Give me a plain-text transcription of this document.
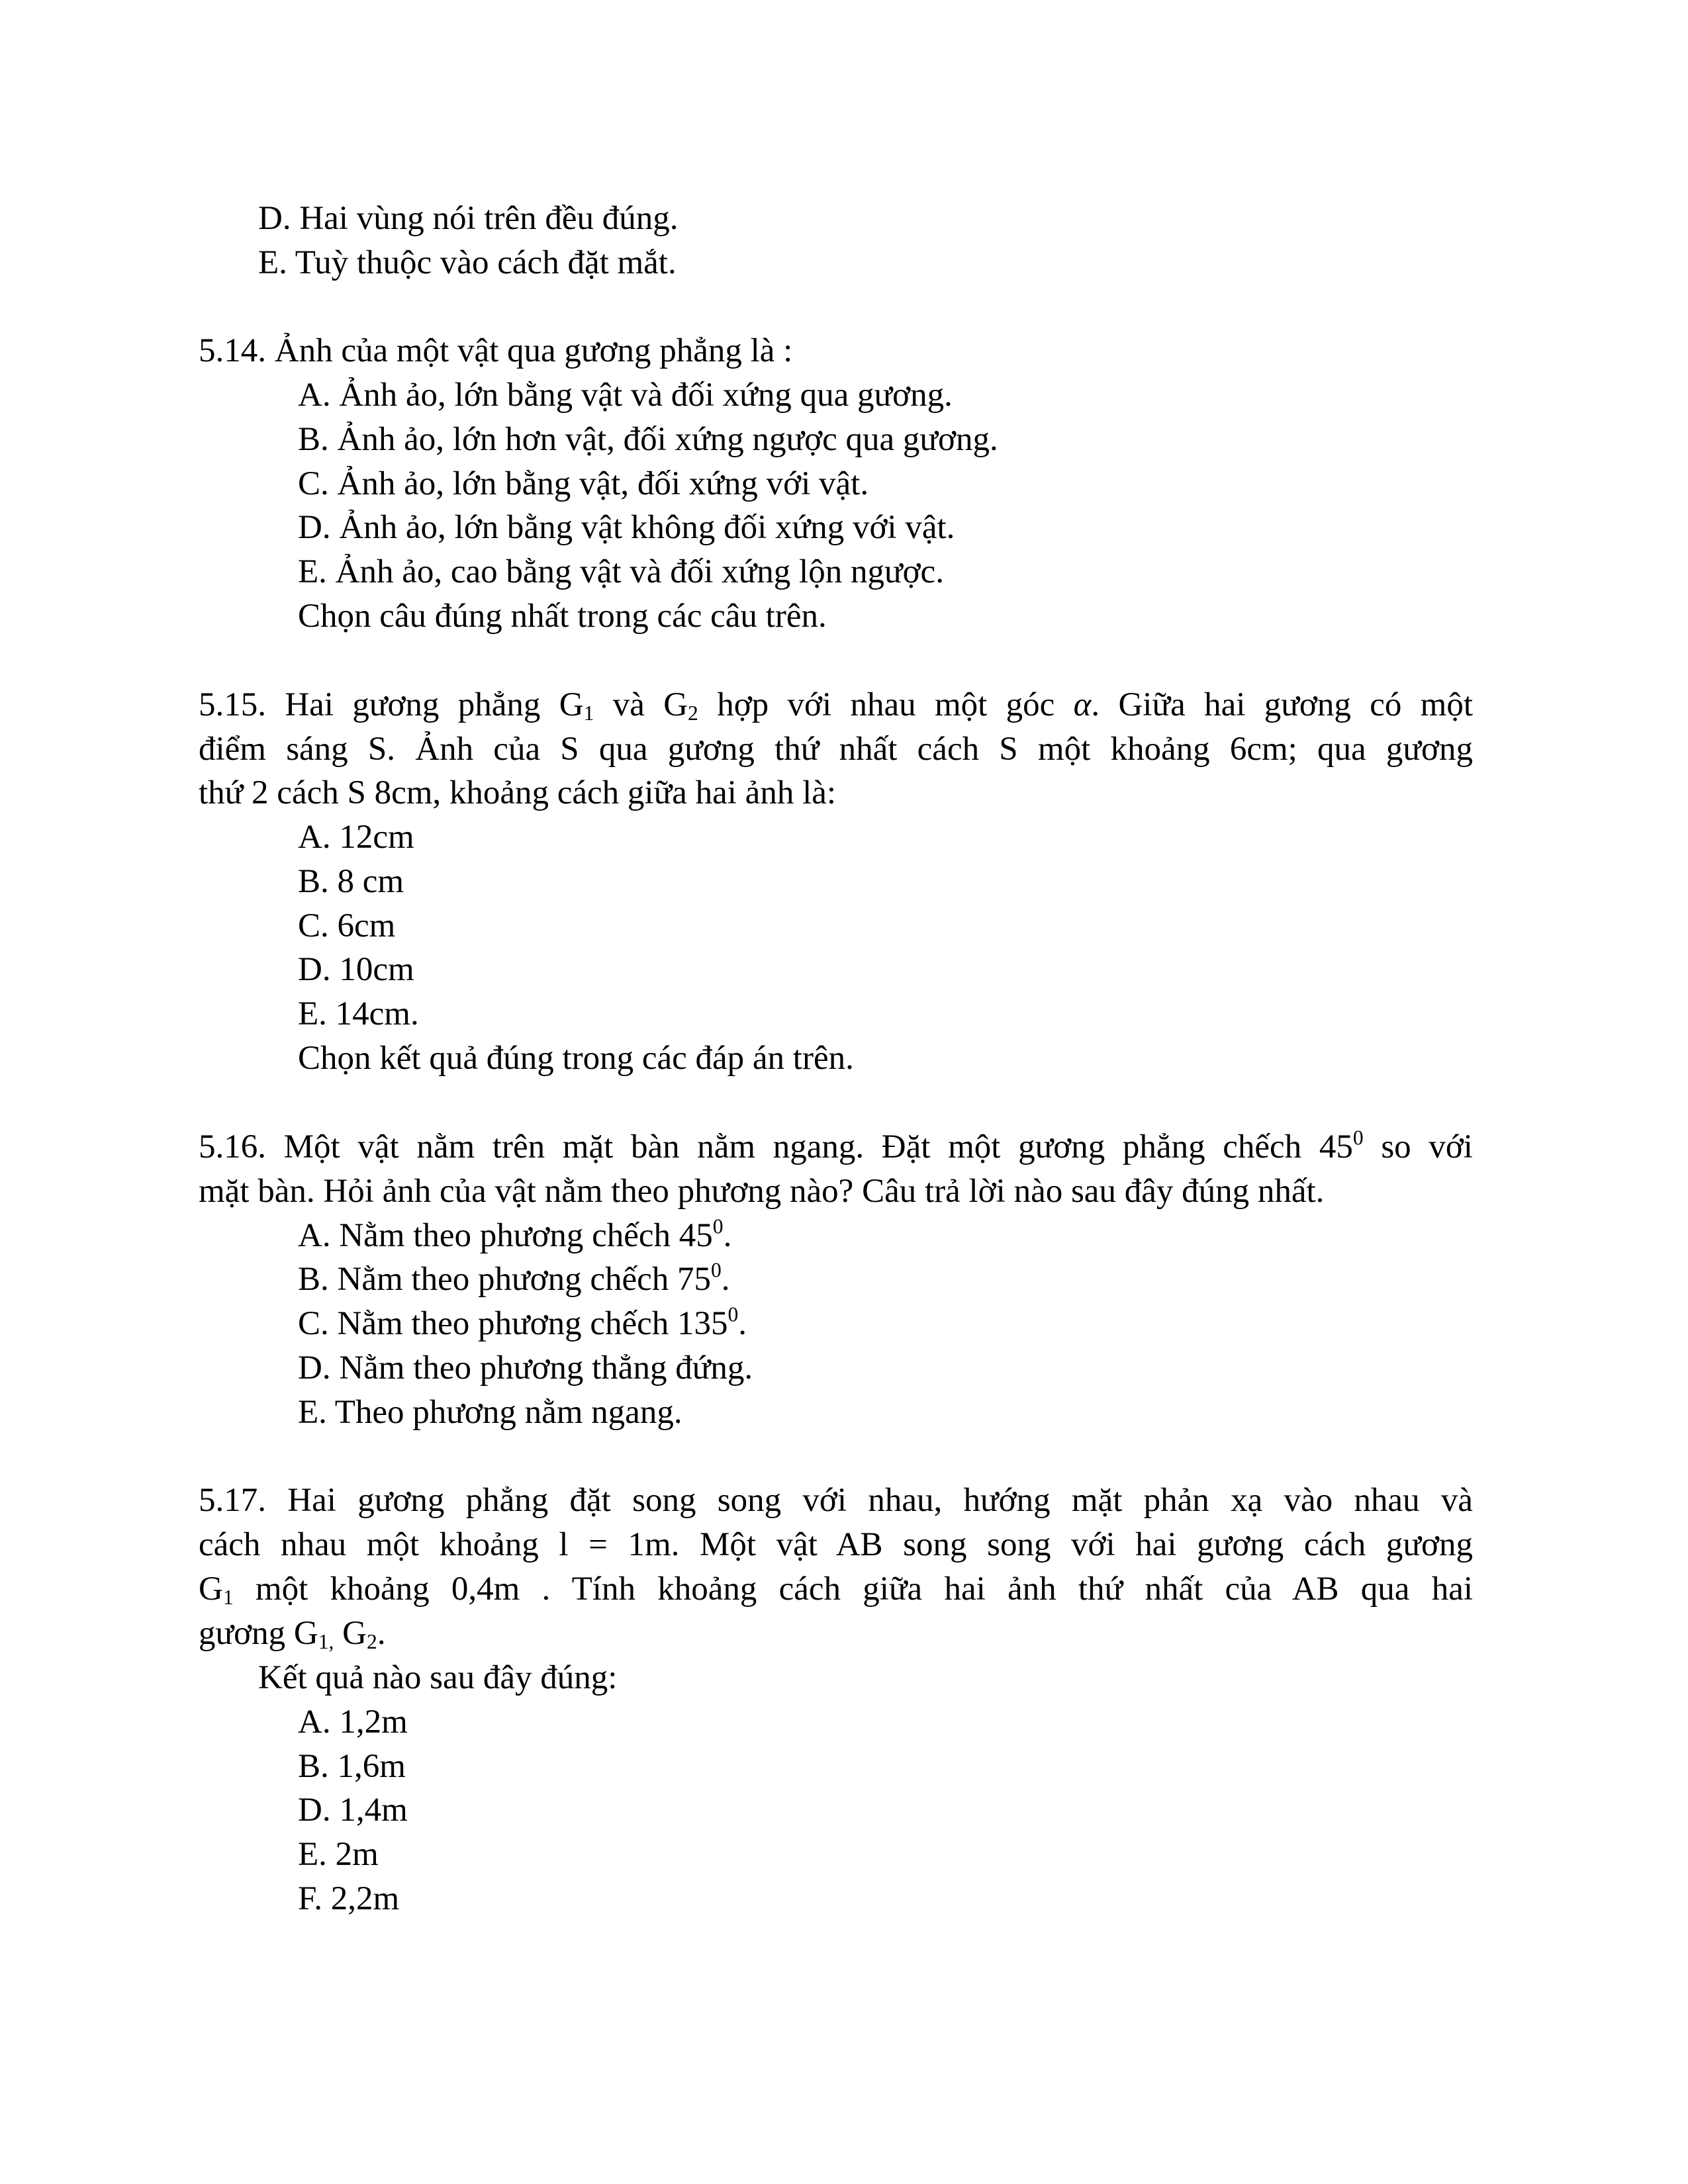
D. Hai vùng nói trên đều đúng.
E. Tuỳ thuộc vào cách đặt mắt.
5.14. Ảnh của một vật qua gương phẳng là :
A. Ảnh ảo, lớn bằng vật và đối xứng qua gương.
B. Ảnh ảo, lớn hơn vật, đối xứng ngược qua gương.
C. Ảnh ảo, lớn bằng vật, đối xứng với vật.
D. Ảnh ảo, lớn bằng vật không đối xứng với vật.
E. Ảnh ảo, cao bằng vật và đối xứng lộn ngược.
Chọn câu đúng nhất trong các câu trên.
5.15. Hai gương phẳng $G_1$ và $G_2$ hợp với nhau một góc α. Giữa hai gương có một
điểm sáng S. Ảnh của S qua gương thứ nhất cách S một khoảng 6cm; qua gương
thứ 2 cách S 8cm, khoảng cách giữa hai ảnh là:
A. 12cm
B. 8 cm
C. 6cm
D. 10cm
E. 14cm.
Chọn kết quả đúng trong các đáp án trên.
5.16. Một vật nằm trên mặt bàn nằm ngang. Đặt một gương phẳng chếch $45^0$ so với
mặt bàn. Hỏi ảnh của vật nằm theo phương nào? Câu trả lời nào sau đây đúng nhất.
A. Nằm theo phương chếch $45^0$.
B. Nằm theo phương chếch $75^0$.
C. Nằm theo phương chếch $135^0$.
D. Nằm theo phương thẳng đứng.
E. Theo phương nằm ngang.
5.17. Hai gương phẳng đặt song song với nhau, hướng mặt phản xạ vào nhau và
cách nhau một khoảng l = 1m. Một vật AB song song với hai gương cách gương
$G_1$ một khoảng 0,4m . Tính khoảng cách giữa hai ảnh thứ nhất của AB qua hai
gương $G_{1,}$ $G_2$.
Kết quả nào sau đây đúng:
A. 1,2m
B. 1,6m
D. 1,4m
E. 2m
F. 2,2m
